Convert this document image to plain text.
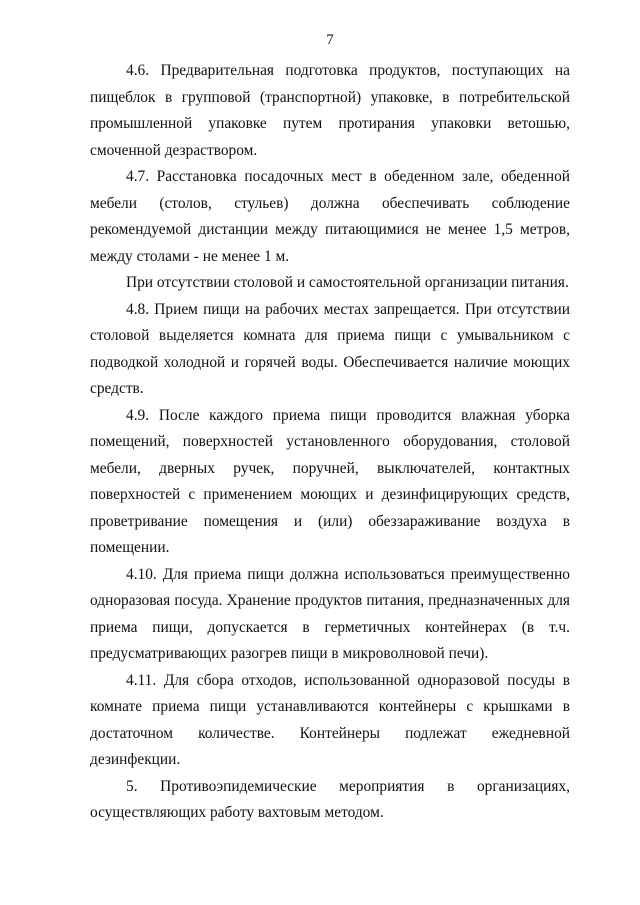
7

4.6. Предварительная подготовка продуктов, поступающих на пищеблок в групповой (транспортной) упаковке, в потребительской промышленной упаковке путем протирания упаковки ветошью, смоченной дезраствором.

4.7. Расстановка посадочных мест в обеденном зале, обеденной мебели (столов, стульев) должна обеспечивать соблюдение рекомендуемой дистанции между питающимися не менее 1,5 метров, между столами - не менее 1 м.

При отсутствии столовой и самостоятельной организации питания.

4.8. Прием пищи на рабочих местах запрещается. При отсутствии столовой выделяется комната для приема пищи с умывальником с подводкой холодной и горячей воды. Обеспечивается наличие моющих средств.

4.9. После каждого приема пищи проводится влажная уборка помещений, поверхностей установленного оборудования, столовой мебели, дверных ручек, поручней, выключателей, контактных поверхностей с применением моющих и дезинфицирующих средств, проветривание помещения и (или) обеззараживание воздуха в помещении.

4.10. Для приема пищи должна использоваться преимущественно одноразовая посуда. Хранение продуктов питания, предназначенных для приема пищи, допускается в герметичных контейнерах (в т.ч. предусматривающих разогрев пищи в микроволновой печи).

4.11. Для сбора отходов, использованной одноразовой посуды в комнате приема пищи устанавливаются контейнеры с крышками в достаточном количестве. Контейнеры подлежат ежедневной дезинфекции.

5. Противоэпидемические мероприятия в организациях, осуществляющих работу вахтовым методом.
